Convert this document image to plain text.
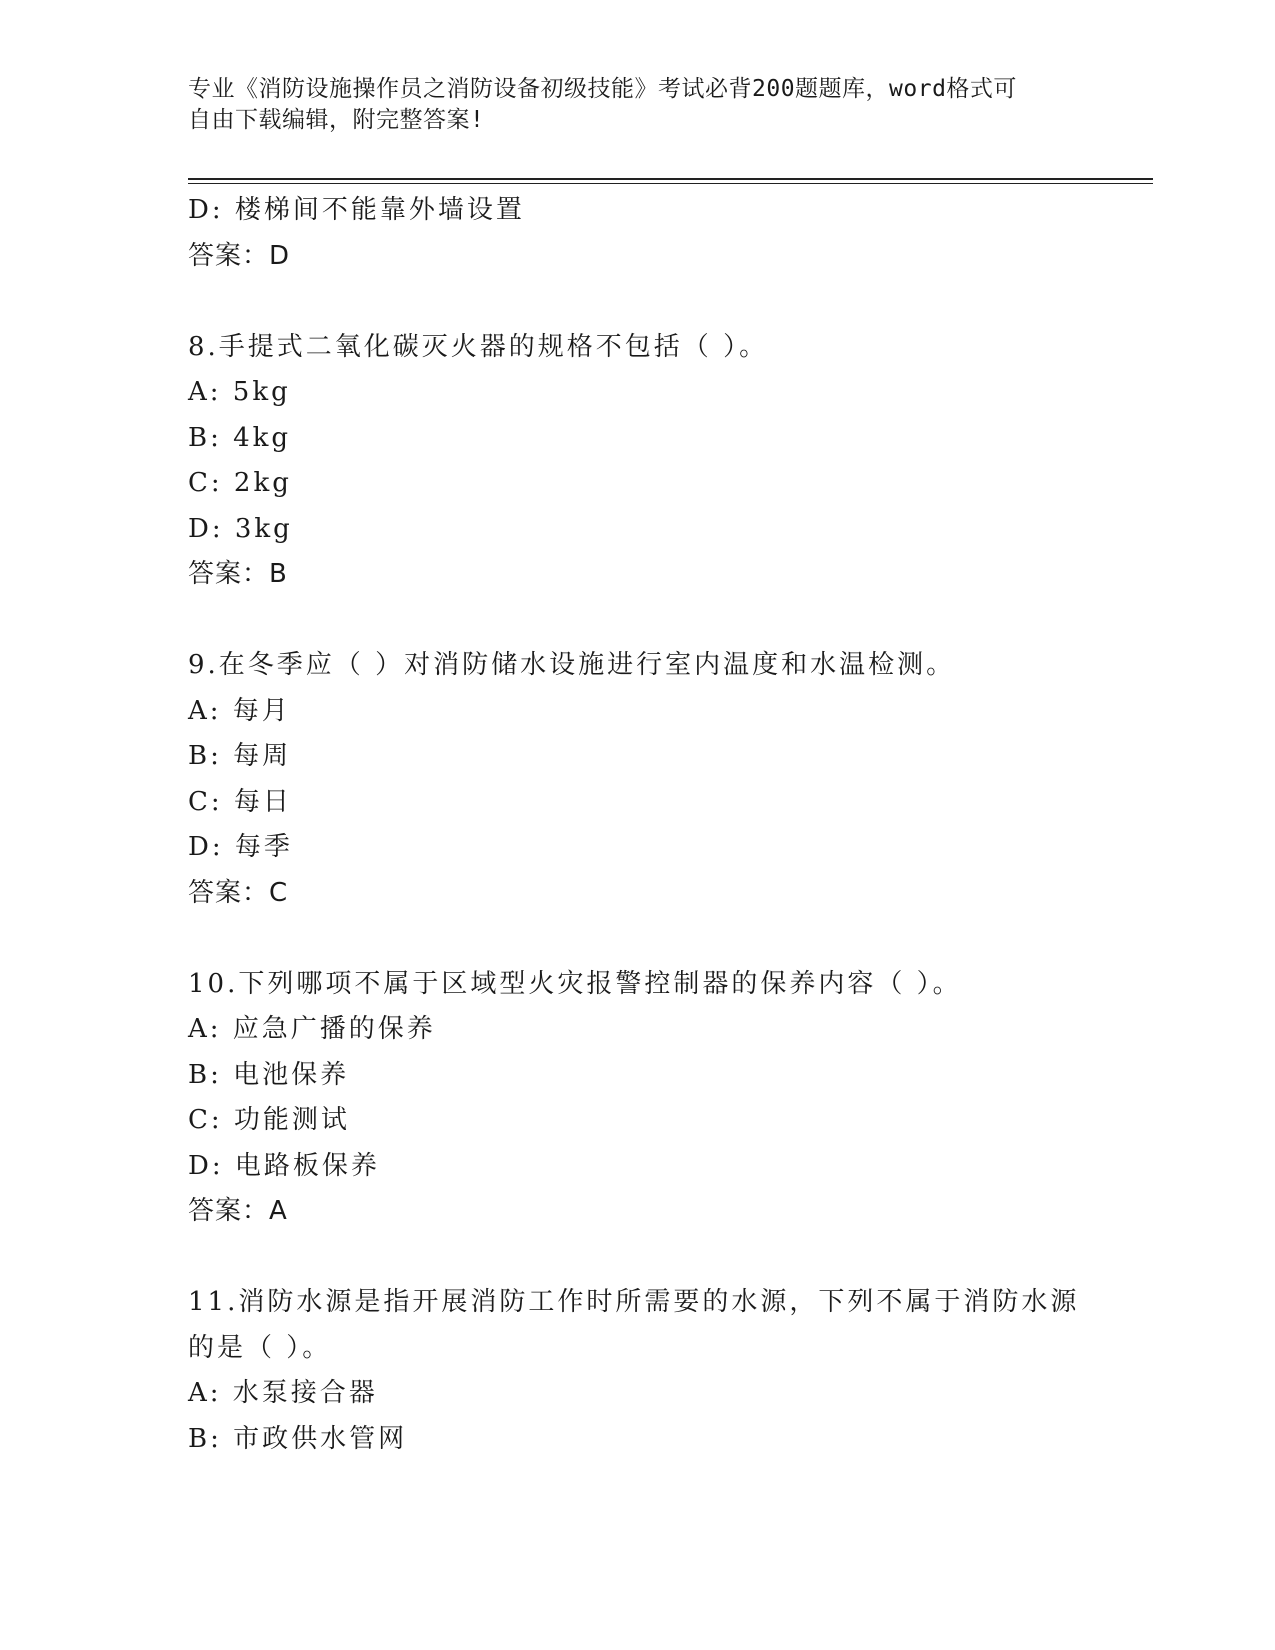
专业《消防设施操作员之消防设备初级技能》考试必背200题题库，word格式可
自由下载编辑，附完整答案!
D: 楼梯间不能靠外墙设置
答案：D
8.手提式二氧化碳灭火器的规格不包括（ ）。
A: 5kg
B: 4kg
C: 2kg
D: 3kg
答案：B
9.在冬季应（ ）对消防储水设施进行室内温度和水温检测。
A: 每月
B: 每周
C: 每日
D: 每季
答案：C
10.下列哪项不属于区域型火灾报警控制器的保养内容（ ）。
A: 应急广播的保养
B: 电池保养
C: 功能测试
D: 电路板保养
答案：A
11.消防水源是指开展消防工作时所需要的水源，下列不属于消防水源
的是（ ）。
A: 水泵接合器
B: 市政供水管网
